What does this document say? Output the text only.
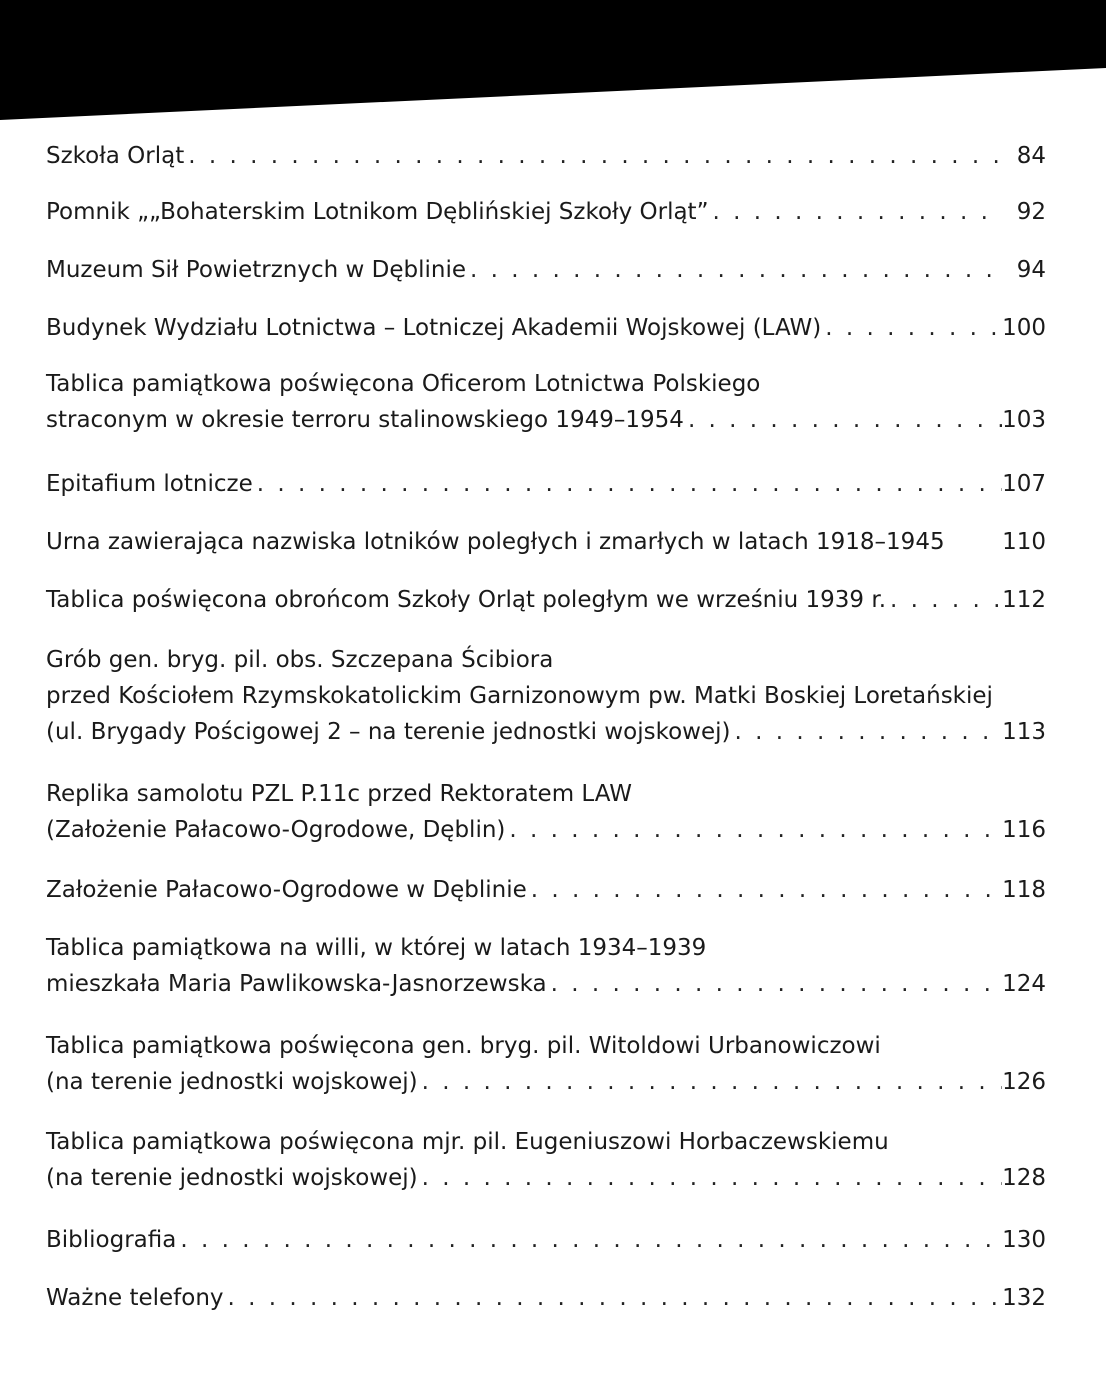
Szkoła Orląt . . .	84
Pomnik „„Bohaterskim Lotnikom Dęblińskiej Szkoły Orląt” . . .	92
Muzeum Sił Powietrznych w Dęblinie . . .	94
Budynek Wydziału Lotnictwa – Lotniczej Akademii Wojskowej (LAW) . . .	100
Tablica pamiątkowa poświęcona Oficerom Lotnictwa Polskiego
straconym w okresie terroru stalinowskiego 1949–1954 . . .	103
Epitafium lotnicze . . .	107
Urna zawierająca nazwiska lotników poległych i zmarłych w latach 1918–1945	110
Tablica poświęcona obrońcom Szkoły Orląt poległym we wrześniu 1939 r. . . .	112
Grób gen. bryg. pil. obs. Szczepana Ścibiora
przed Kościołem Rzymskokatolickim Garnizonowym pw. Matki Boskiej Loretańskiej
(ul. Brygady Pościgowej 2 – na terenie jednostki wojskowej) . . .	113
Replika samolotu PZL P.11c przed Rektoratem LAW
(Założenie Pałacowo-Ogrodowe, Dęblin) . . .	116
Założenie Pałacowo-Ogrodowe w Dęblinie . . .	118
Tablica pamiątkowa na willi, w której w latach 1934–1939
mieszkała Maria Pawlikowska-Jasnorzewska . . .	124
Tablica pamiątkowa poświęcona gen. bryg. pil. Witoldowi Urbanowiczowi
(na terenie jednostki wojskowej) . . .	126
Tablica pamiątkowa poświęcona mjr. pil. Eugeniuszowi Horbaczewskiemu
(na terenie jednostki wojskowej) . . .	128
Bibliografia . . .	130
Ważne telefony . . .	132
